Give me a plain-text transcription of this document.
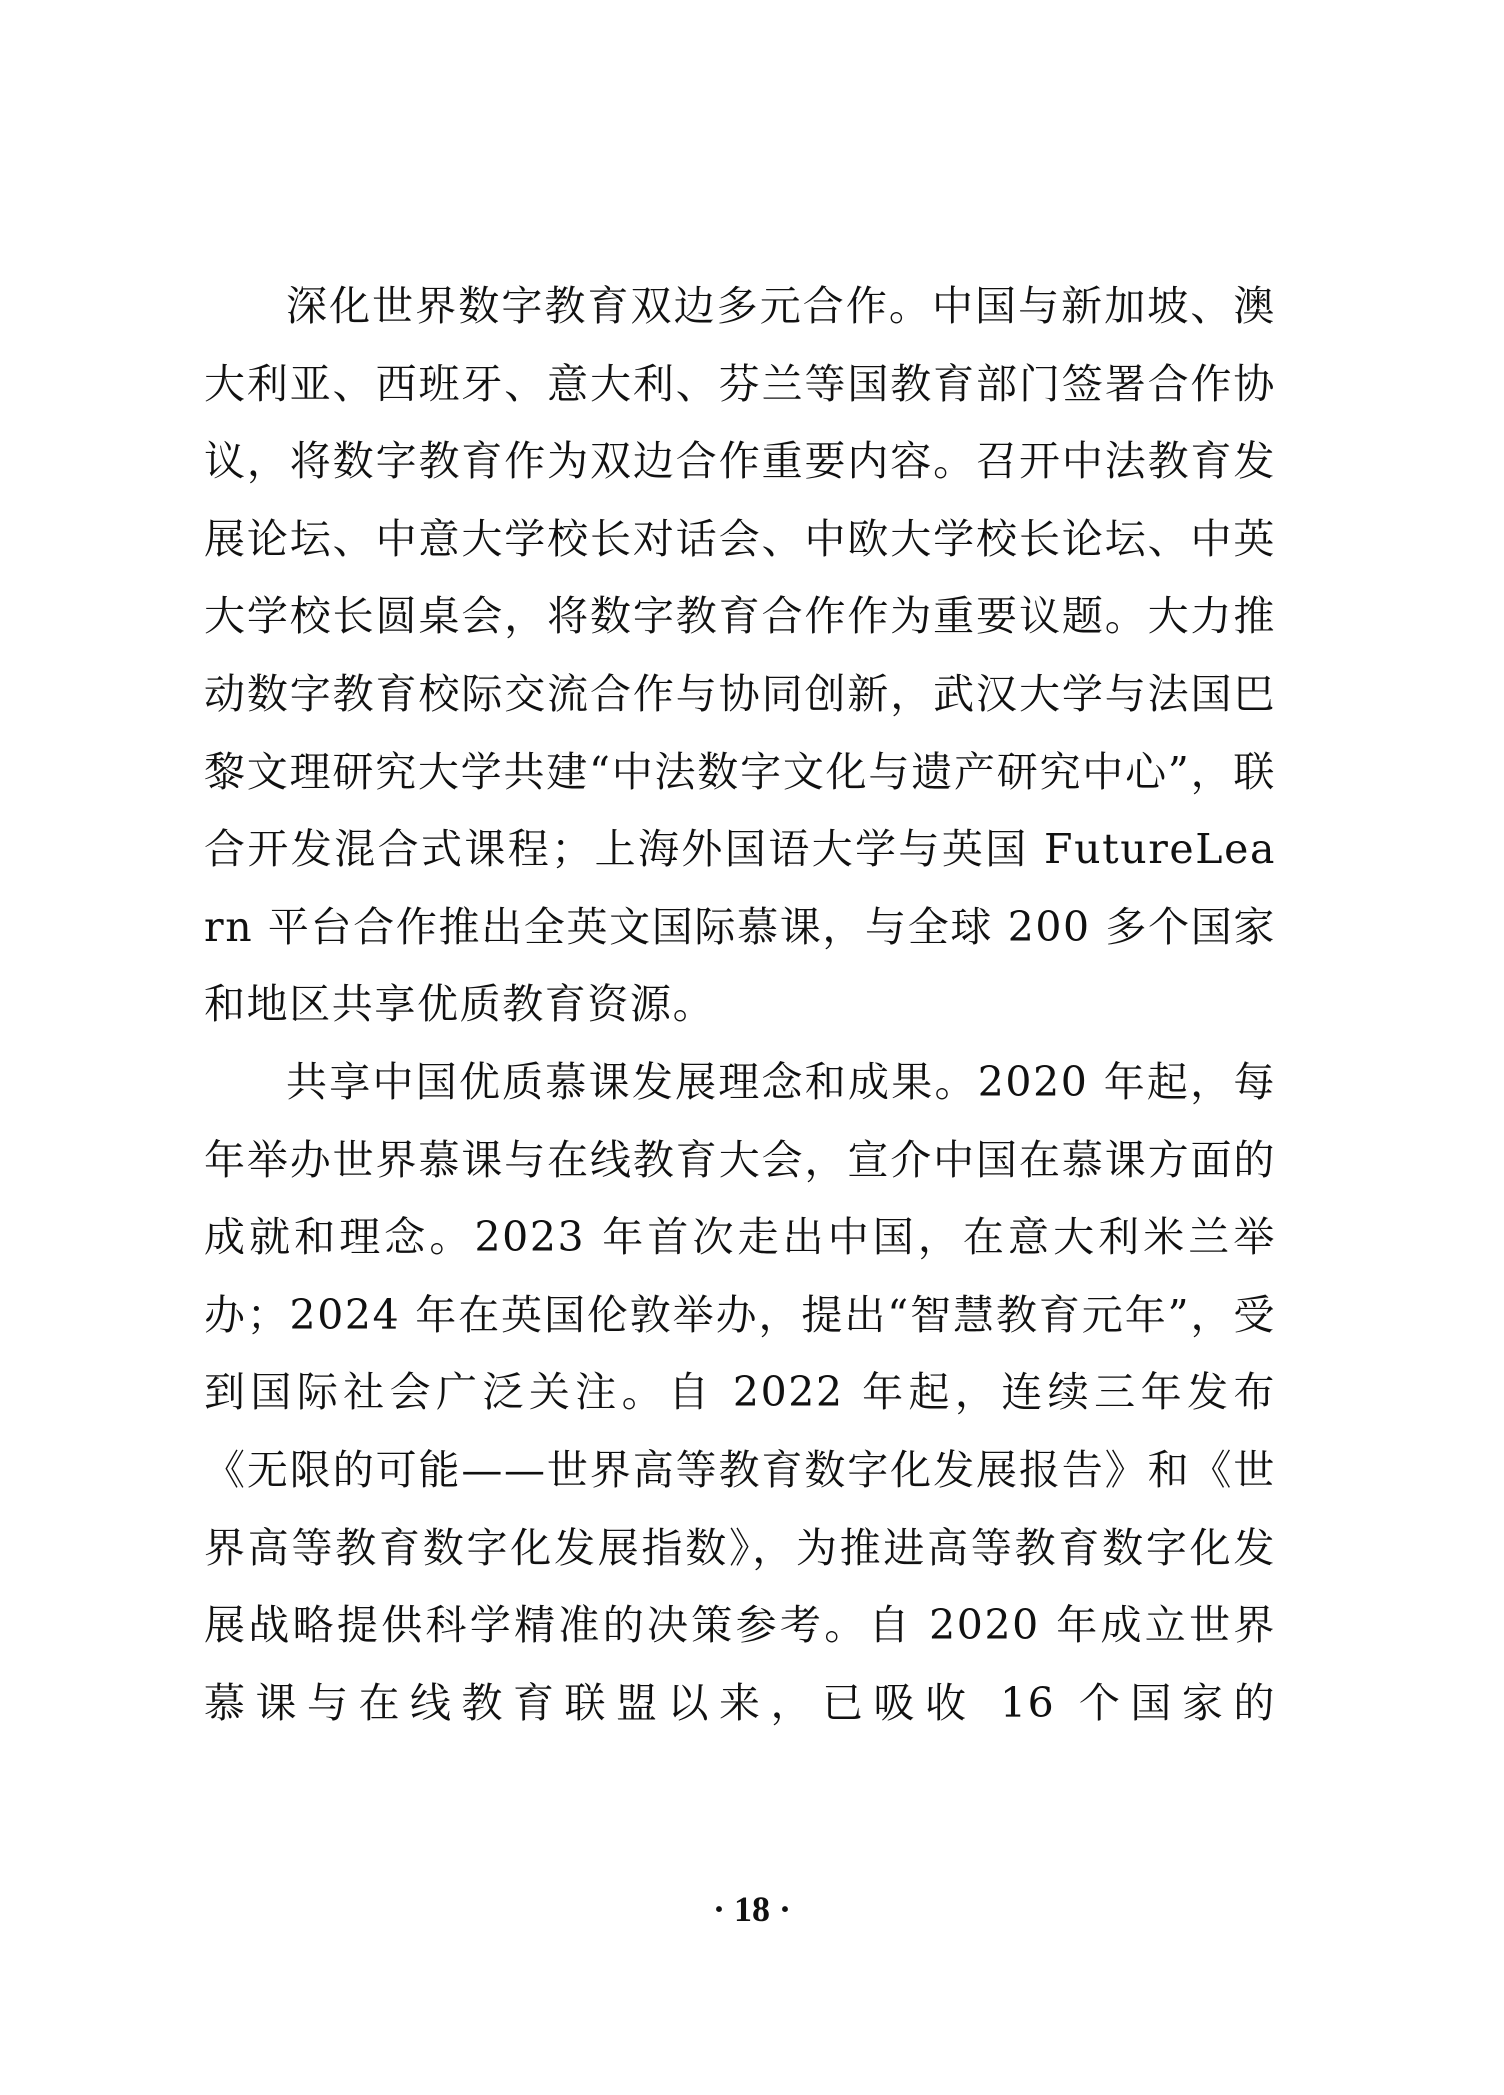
深化世界数字教育双边多元合作。中国与新加坡、澳大利亚、西班牙、意大利、芬兰等国教育部门签署合作协议，将数字教育作为双边合作重要内容。召开中法教育发展论坛、中意大学校长对话会、中欧大学校长论坛、中英大学校长圆桌会，将数字教育合作作为重要议题。大力推动数字教育校际交流合作与协同创新，武汉大学与法国巴黎文理研究大学共建“中法数字文化与遗产研究中心”，联合开发混合式课程；上海外国语大学与英国 FutureLearn 平台合作推出全英文国际慕课，与全球 200 多个国家和地区共享优质教育资源。

共享中国优质慕课发展理念和成果。2020 年起，每年举办世界慕课与在线教育大会，宣介中国在慕课方面的成就和理念。2023 年首次走出中国，在意大利米兰举办；2024 年在英国伦敦举办，提出“智慧教育元年”，受到国际社会广泛关注。自 2022 年起，连续三年发布《无限的可能——世界高等教育数字化发展报告》和《世界高等教育数字化发展指数》，为推进高等教育数字化发展战略提供科学精准的决策参考。自 2020 年成立世界慕课与在线教育联盟以来，已吸收 16 个国家的

· 18 ·
